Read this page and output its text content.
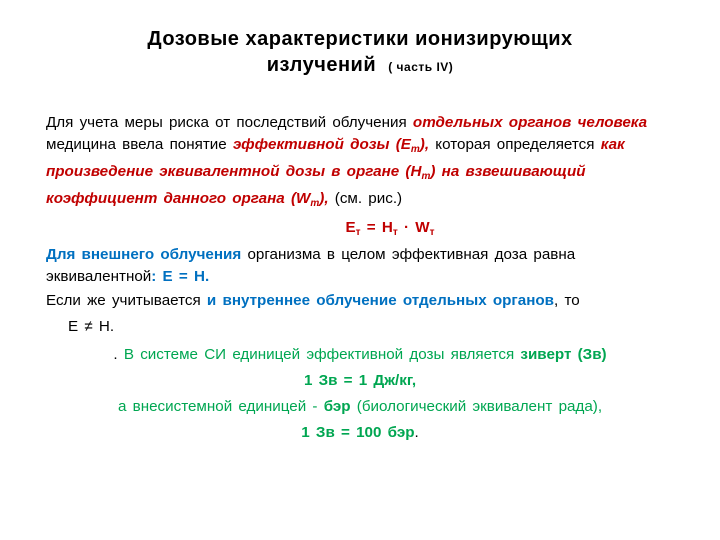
Дозовые характеристики ионизирующих
излучений ( часть IV)

Для учета меры риска от последствий облучения отдельных органов человека медицина ввела понятие эффективной дозы (Ет), которая определяется как произведение эквивалентной дозы в органе (Нт) на взвешивающий коэффициент данного органа (Wт), (см. рис.)

Ет = Нт · Wт

Для внешнего облучения организма в целом эффективная доза равна эквивалентной: Е = Н.

Если же учитывается и внутреннее облучение отдельных органов, то

Е ≠ Н.

. В системе СИ единицей эффективной дозы является зиверт (Зв)

1 Зв = 1 Дж/кг,

а внесистемной единицей - бэр (биологический эквивалент рада),

1 Зв = 100 бэр.
